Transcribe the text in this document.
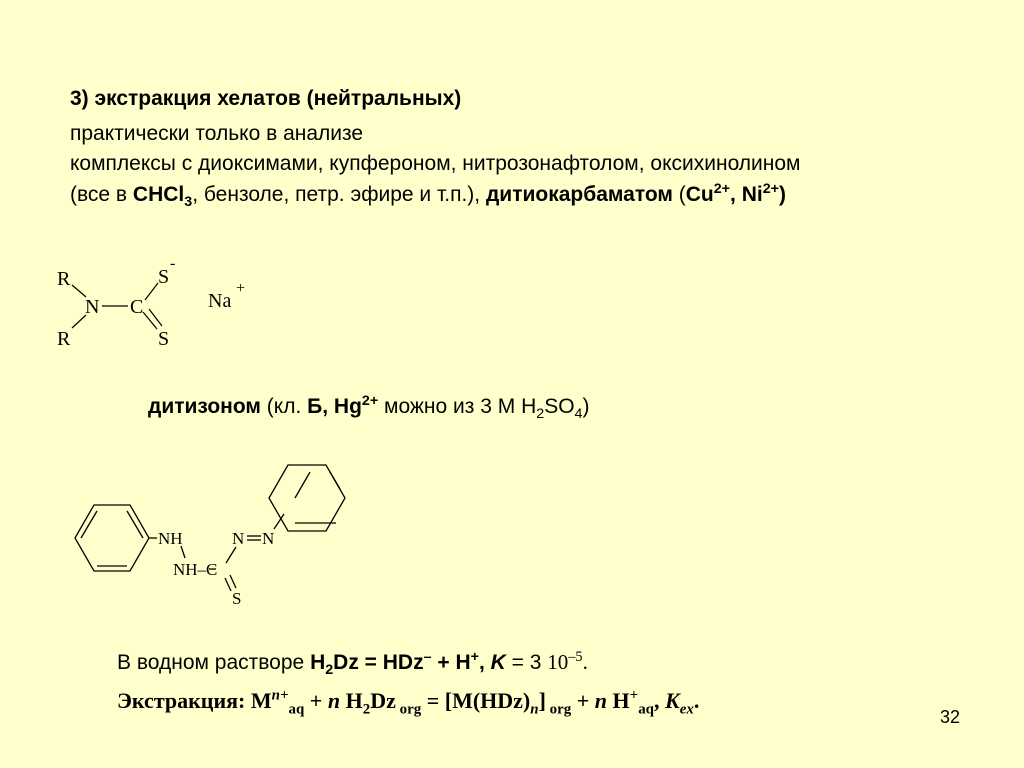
3) экстракция хелатов (нейтральных)
практически только в анализе
комплексы с диоксимами, купфероном, нитрозонафтолом, оксихинолином
(все в CHCl$_3$, бензоле, петр. эфире и т.п.), дитиокарбаматом ($Cu^{2+}$, $Ni^{2+}$)
R
R
N C
S
-
S
Na
+
дитизоном (кл. Б, $Hg^{2+}$ можно из 3 М $H_2SO_4$)
NH
NH–C
N N
S
В водном растворе $H_2Dz = HDz^- + H^+$, K = 3 $10^{-5}$.
Экстракция: $M^{n+}_{aq} + n$ $H_2Dz$ $_{org} = [M(HDz)_n] _{org} + n$ $H^+_{aq}$, $K_{ex}$.
32
